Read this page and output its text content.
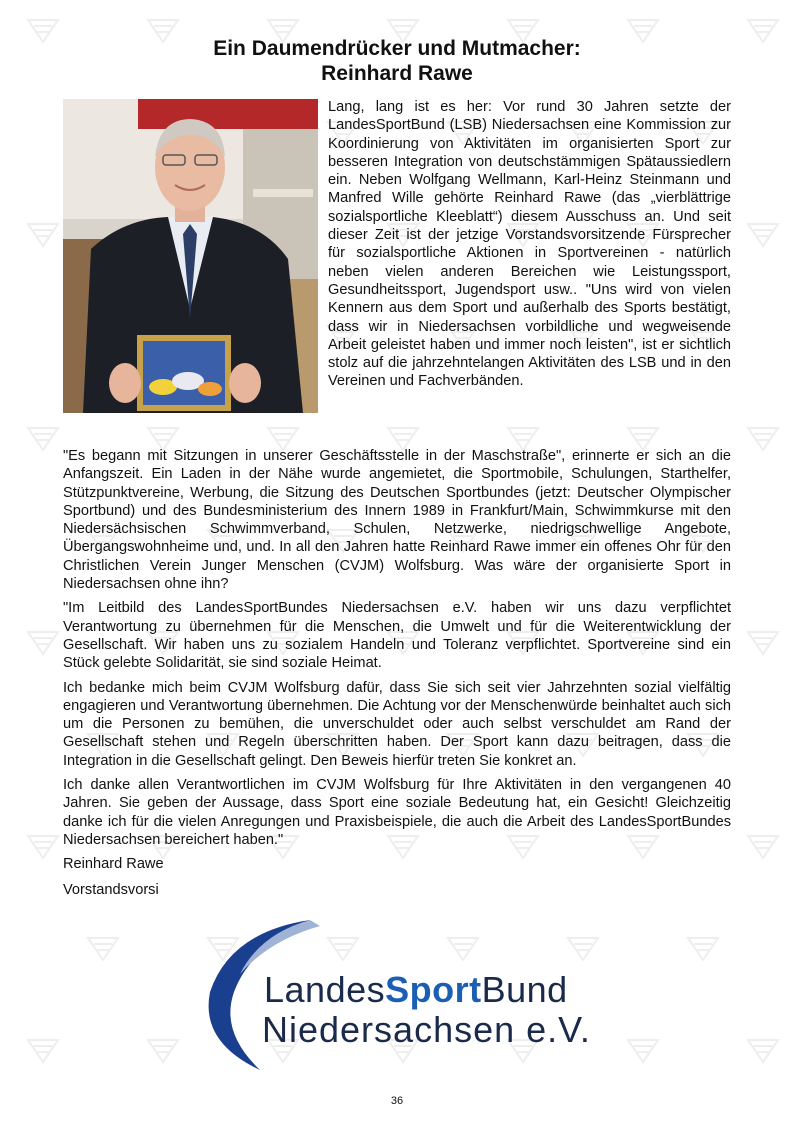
Ein Daumendrücker und Mutmacher:
Reinhard Rawe

Lang, lang ist es her: Vor rund 30 Jahren setzte der LandesSportBund (LSB) Niedersachsen eine Kommission zur Koordinierung von Aktivitäten im organisierten Sport zur besseren Integration von deutschstämmigen Spätaussiedlern ein. Neben Wolfgang Wellmann, Karl-Heinz Steinmann und Manfred Wille gehörte Reinhard Rawe (das „vierblättrige sozialsportliche Kleeblatt“) diesem Ausschuss an. Und seit dieser Zeit ist der jetzige Vorstandsvorsitzende Fürsprecher für sozialsportliche Aktionen in Sportvereinen - natürlich neben vielen anderen Bereichen wie Leistungssport, Gesundheitssport, Jugendsport usw.. "Uns wird von vielen Kennern aus dem Sport und außerhalb des Sports bestätigt, dass wir in Niedersachsen vorbildliche und wegweisende Arbeit geleistet haben und immer noch leisten", ist er sichtlich stolz auf die jahrzehntelangen Aktivitäten des LSB und in den Vereinen und Fachverbänden.

"Es begann mit Sitzungen in unserer Geschäftsstelle in der Maschstraße", erinnerte er sich an die Anfangszeit. Ein Laden in der Nähe wurde angemietet, die Sportmobile, Schulungen, Starthelfer, Stützpunktvereine, Werbung, die Sitzung des Deutschen Sportbundes (jetzt: Deutscher Olympischer Sportbund) und des Bundesministerium des Innern 1989 in Frankfurt/Main, Schwimmkurse mit den Niedersächsischen Schwimmverband, Schulen, Netzwerke, niedrigschwellige Angebote, Übergangswohnheime und, und. In all den Jahren hatte Reinhard Rawe immer ein offenes Ohr für den Christlichen Verein Junger Menschen (CVJM) Wolfsburg. Was wäre der organisierte Sport in Niedersachsen ohne ihn?

"Im Leitbild des LandesSportBundes Niedersachsen e.V. haben wir uns dazu verpflichtet Verantwortung zu übernehmen für die Menschen, die Umwelt und für die Weiterentwicklung der Gesellschaft. Wir haben uns zu sozialem Handeln und Toleranz verpflichtet. Sportvereine sind ein Stück gelebte Solidarität, sie sind soziale Heimat.

Ich bedanke mich beim CVJM Wolfsburg dafür, dass Sie sich seit vier Jahrzehnten sozial vielfältig engagieren und Verantwortung übernehmen. Die Achtung vor der Menschenwürde beinhaltet auch sich um die Personen zu bemühen, die unverschuldet oder auch selbst verschuldet am Rand der Gesellschaft stehen und Regeln überschritten haben. Der Sport kann dazu beitragen, dass die Integration in die Gesellschaft gelingt. Den Beweis hierfür treten Sie konkret an.

Ich danke allen Verantwortlichen im CVJM Wolfsburg für Ihre Aktivitäten in den vergangenen 40 Jahren. Sie geben der Aussage, dass Sport eine soziale Bedeutung hat, ein Gesicht! Gleichzeitig danke ich für die vielen Anregungen und Praxisbeispiele, die auch die Arbeit des LandesSportBundes Niedersachsen bereichert haben."

Reinhard Rawe

Vorstandsvorsi

LandesSportBund
Niedersachsen e.V.
36
